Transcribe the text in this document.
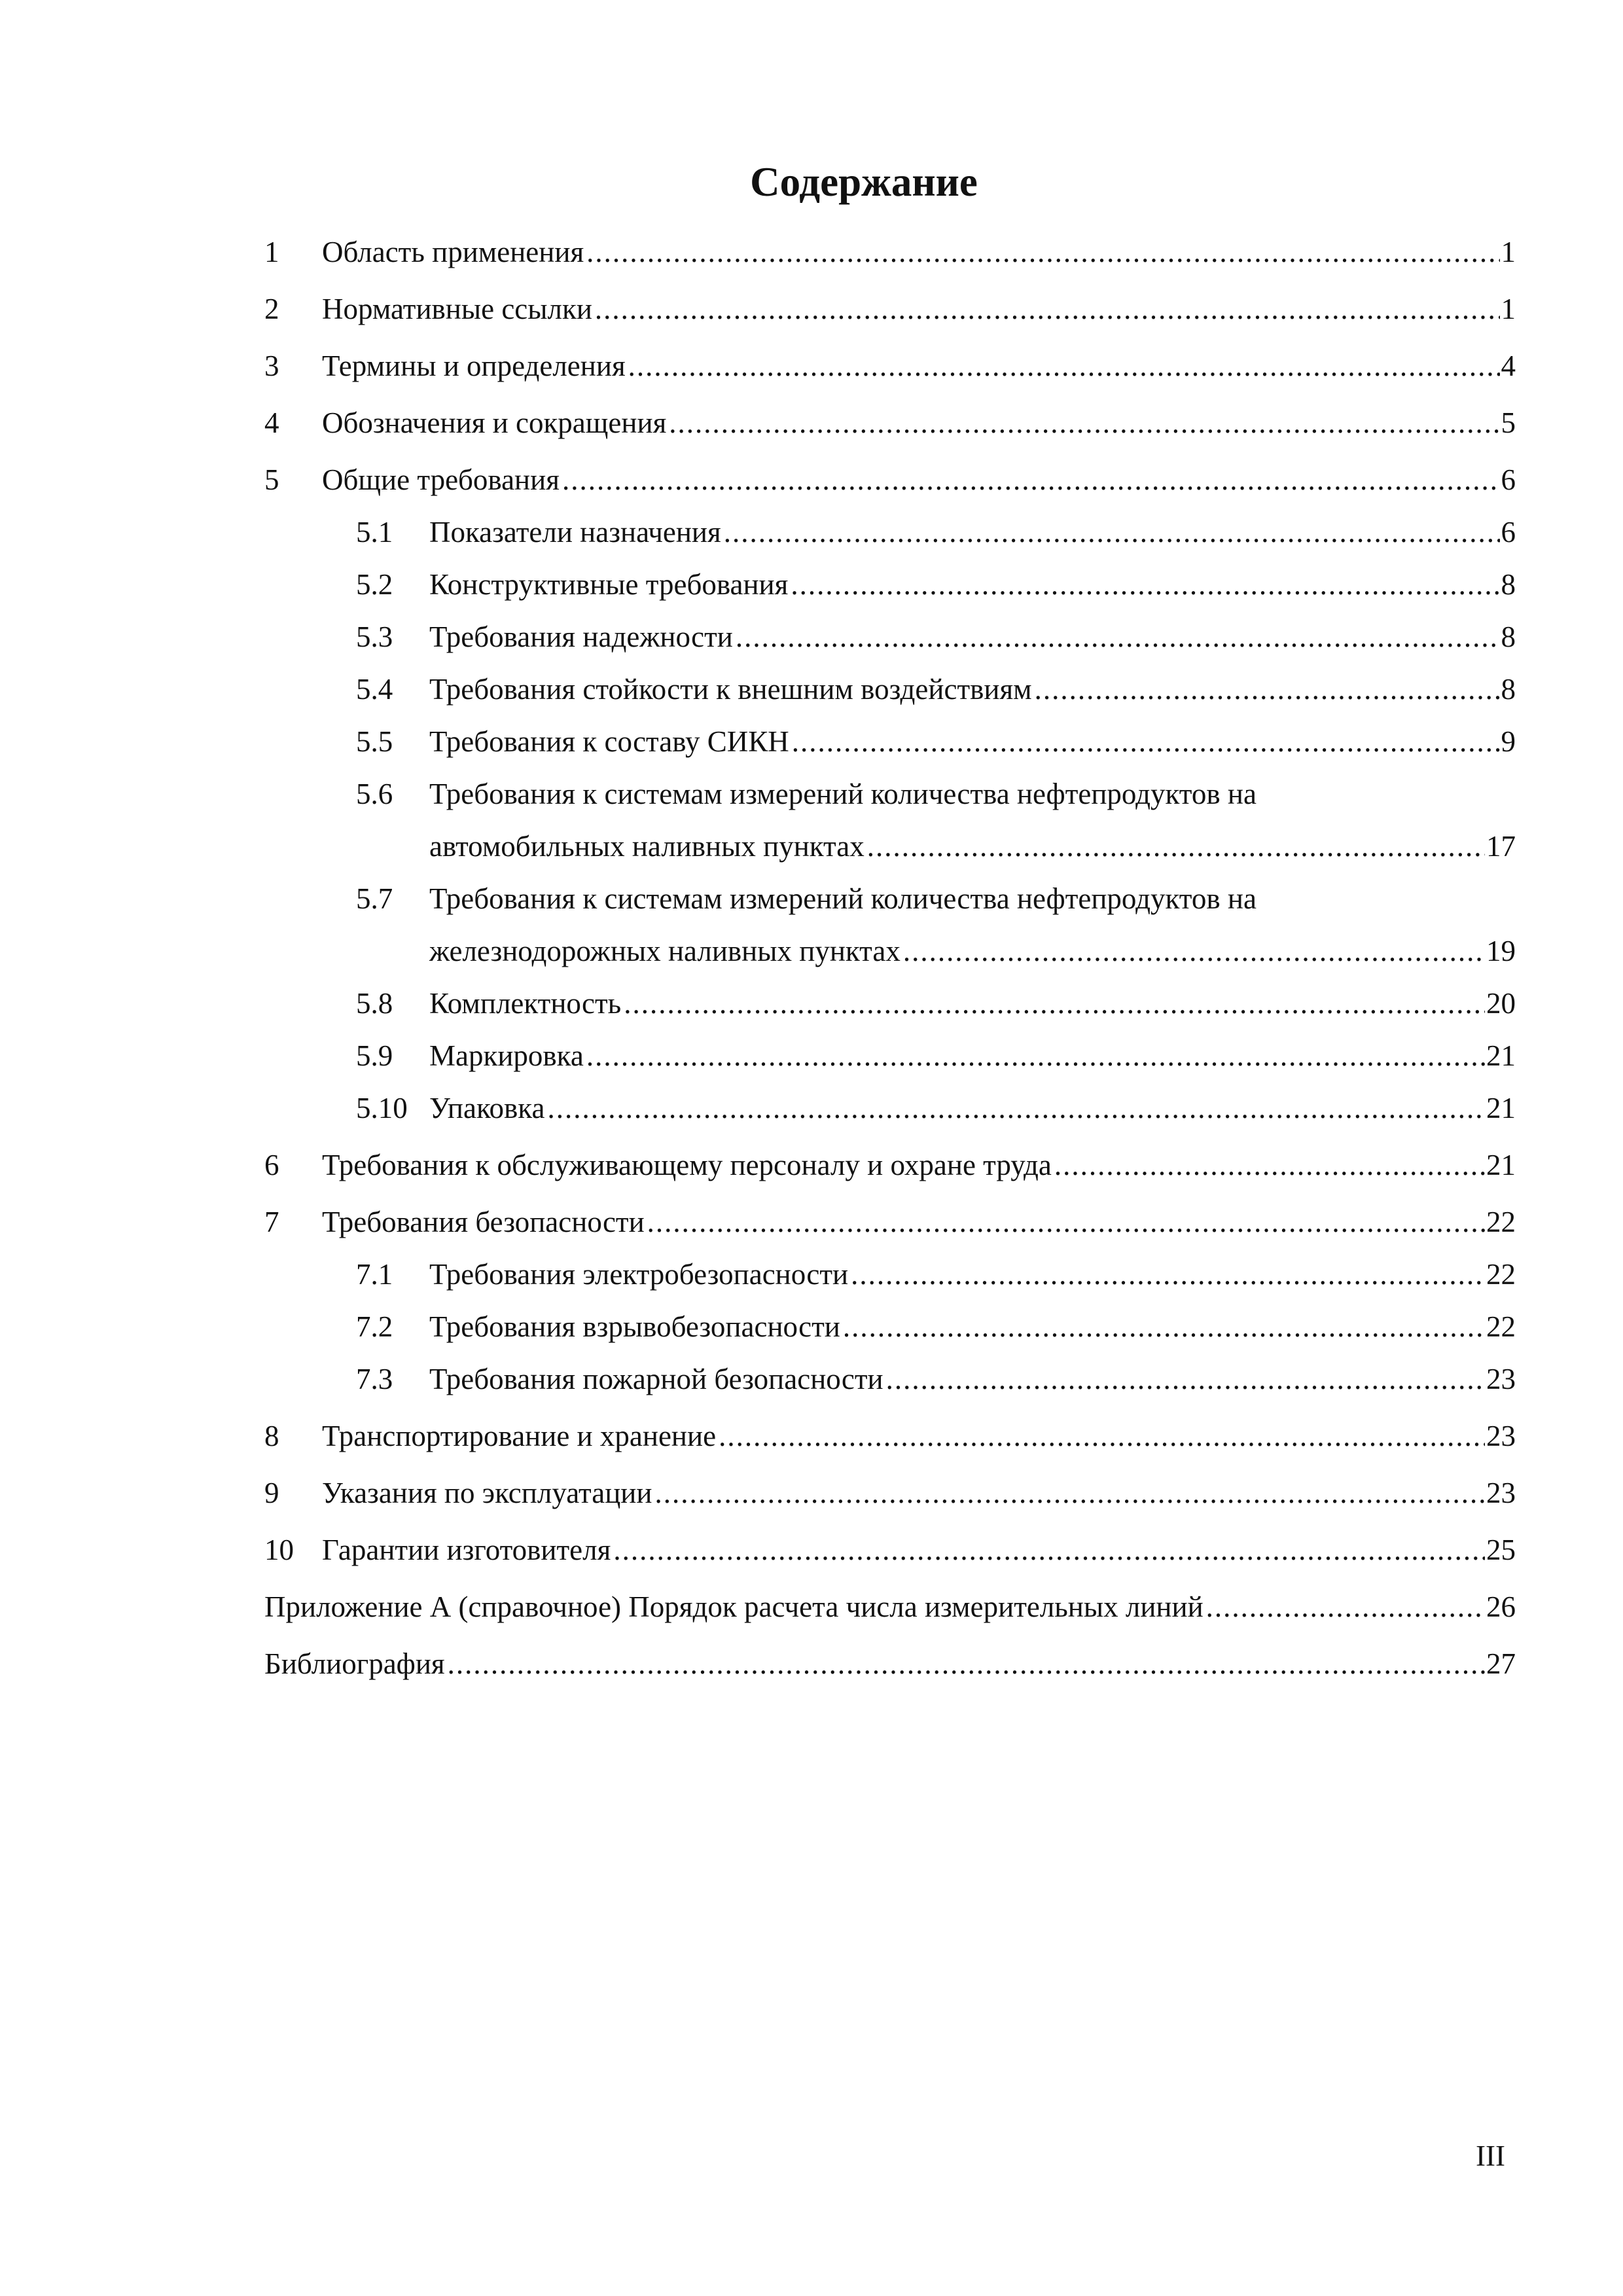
Содержание
1	Область применения .....	1
2	Нормативные ссылки .....	1
3	Термины и определения .....	4
4	Обозначения и сокращения .....	5
5	Общие требования .....	6
5.1	Показатели назначения .....	6
5.2	Конструктивные требования .....	8
5.3	Требования надежности .....	8
5.4	Требования стойкости к внешним воздействиям .....	8
5.5	Требования к составу СИКН .....	9
5.6	Требования к системам измерений количества нефтепродуктов на
автомобильных наливных пунктах .....	17
5.7	Требования к системам измерений количества нефтепродуктов на
железнодорожных наливных пунктах .....	19
5.8	Комплектность .....	20
5.9	Маркировка .....	21
5.10 Упаковка .....	21
6	Требования к обслуживающему персоналу и охране труда .....	21
7	Требования безопасности .....	22
7.1	Требования электробезопасности .....	22
7.2	Требования взрывобезопасности .....	22
7.3	Требования пожарной безопасности .....	23
8	Транспортирование и хранение .....	23
9	Указания по эксплуатации .....	23
10 Гарантии изготовителя .....	25
Приложение А (справочное) Порядок расчета числа измерительных линий .....	26
Библиография .....	27
III
